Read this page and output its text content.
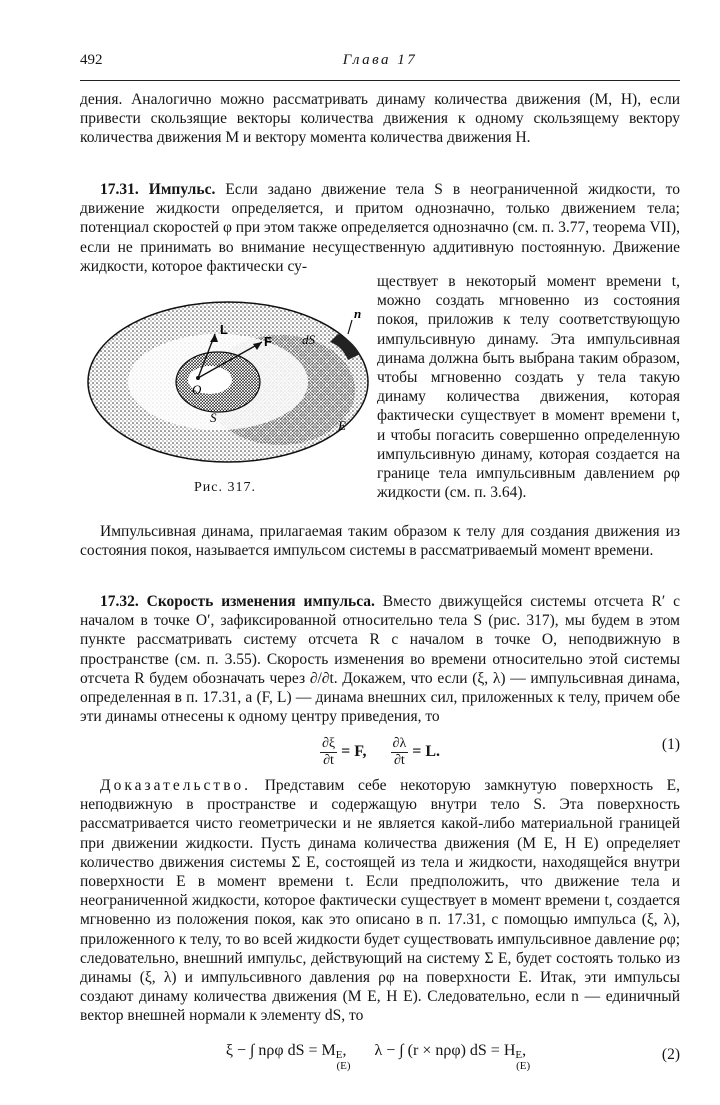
492	Глава 17

дения. Аналогично можно рассматривать динаму количества движения (M, H), если привести скользящие векторы количества движения к одному скользящему вектору количества движения M и вектору момента количества движения H.

17.31. Импульс. Если задано движение тела S в неограниченной жидкости, то движение жидкости определяется, и притом однозначно, только движением тела; потенциал скоростей φ при этом также определяется однозначно (см. п. 3.77, теорема VII), если не принимать во внимание несущественную аддитивную постоянную. Движение жидкости, которое фактически су-

L
F
n
dS
O
S
E
Рис. 317.
ществует в некоторый момент времени t, можно создать мгновенно из состояния покоя, приложив к телу соответствующую импульсивную динаму. Эта импульсивная динама должна быть выбрана таким образом, чтобы мгновенно создать у тела такую динаму количества движения, которая фактически существует в момент времени t, и чтобы погасить совершенно определенную импульсивную динаму, которая создается на границе тела импульсивным давлением ρφ жидкости (см. п. 3.64).

Импульсивная динама, прилагаемая таким образом к телу для создания движения из состояния покоя, называется импульсом системы в рассматриваемый момент времени.

17.32. Скорость изменения импульса. Вместо движущейся системы отсчета R′ с началом в точке O′, зафиксированной относительно тела S (рис. 317), мы будем в этом пункте рассматривать систему отсчета R с началом в точке O, неподвижную в пространстве (см. п. 3.55). Скорость изменения во времени относительно этой системы отсчета R будем обозначать через ∂/∂t. Докажем, что если (ξ, λ) — импульсивная динама, определенная в п. 17.31, а (F, L) — динама внешних сил, приложенных к телу, причем обе эти динамы отнесены к одному центру приведения, то

$\frac{\partial\xi}{\partial t} = F$, $\frac{\partial\lambda}{\partial t} = L$.	(1)

Доказательство. Представим себе некоторую замкнутую поверхность E, неподвижную в пространстве и содержащую внутри тело S. Эта поверхность рассматривается чисто геометрически и не является какой-либо материальной границей при движении жидкости. Пусть динама количества движения (M E, H E) определяет количество движения системы Σ E, состоящей из тела и жидкости, находящейся внутри поверхности E в момент времени t. Если предположить, что движение тела и неограниченной жидкости, которое фактически существует в момент времени t, создается мгновенно из положения покоя, как это описано в п. 17.31, с помощью импульса (ξ, λ), приложенного к телу, то во всей жидкости будет существовать импульсивное давление ρφ; следовательно, внешний импульс, действующий на систему Σ E, будет состоять только из динамы (ξ, λ) и импульсивного давления ρφ на поверхности E. Итак, эти импульсы создают динаму количества движения (M E, H E). Следовательно, если n — единичный вектор внешней нормали к элементу dS, то

ξ − ∫ nρφ dS = $M_E$, (E)     λ − ∫ (r × nρφ) dS = $H_E$, (E)
(2)
